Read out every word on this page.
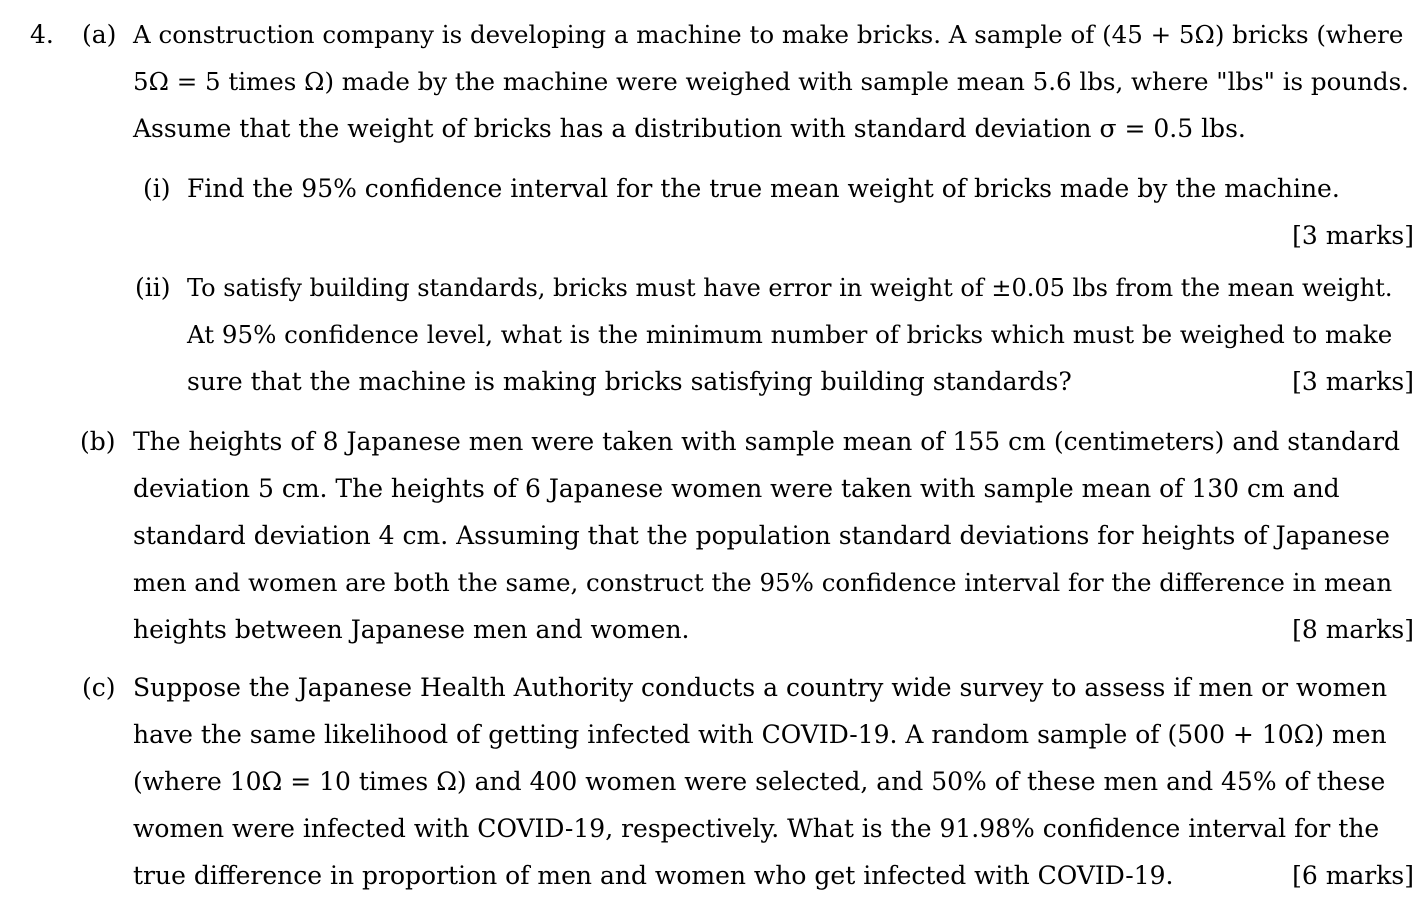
4. (a) A construction company is developing a machine to make bricks. A sample of (45 + 5Ω) bricks (where
5Ω = 5 times Ω) made by the machine were weighed with sample mean 5.6 lbs, where "lbs" is pounds.
Assume that the weight of bricks has a distribution with standard deviation σ = 0.5 lbs.
(i) Find the 95% confidence interval for the true mean weight of bricks made by the machine.
[3 marks]
(ii) To satisfy building standards, bricks must have error in weight of ±0.05 lbs from the mean weight.
At 95% confidence level, what is the minimum number of bricks which must be weighed to make
sure that the machine is making bricks satisfying building standards?	[3 marks]
(b) The heights of 8 Japanese men were taken with sample mean of 155 cm (centimeters) and standard
deviation 5 cm. The heights of 6 Japanese women were taken with sample mean of 130 cm and
standard deviation 4 cm. Assuming that the population standard deviations for heights of Japanese
men and women are both the same, construct the 95% confidence interval for the difference in mean
heights between Japanese men and women.	[8 marks]
(c) Suppose the Japanese Health Authority conducts a country wide survey to assess if men or women
have the same likelihood of getting infected with COVID-19. A random sample of (500 + 10Ω) men
(where 10Ω = 10 times Ω) and 400 women were selected, and 50% of these men and 45% of these
women were infected with COVID-19, respectively. What is the 91.98% confidence interval for the
true difference in proportion of men and women who get infected with COVID-19.	[6 marks]
